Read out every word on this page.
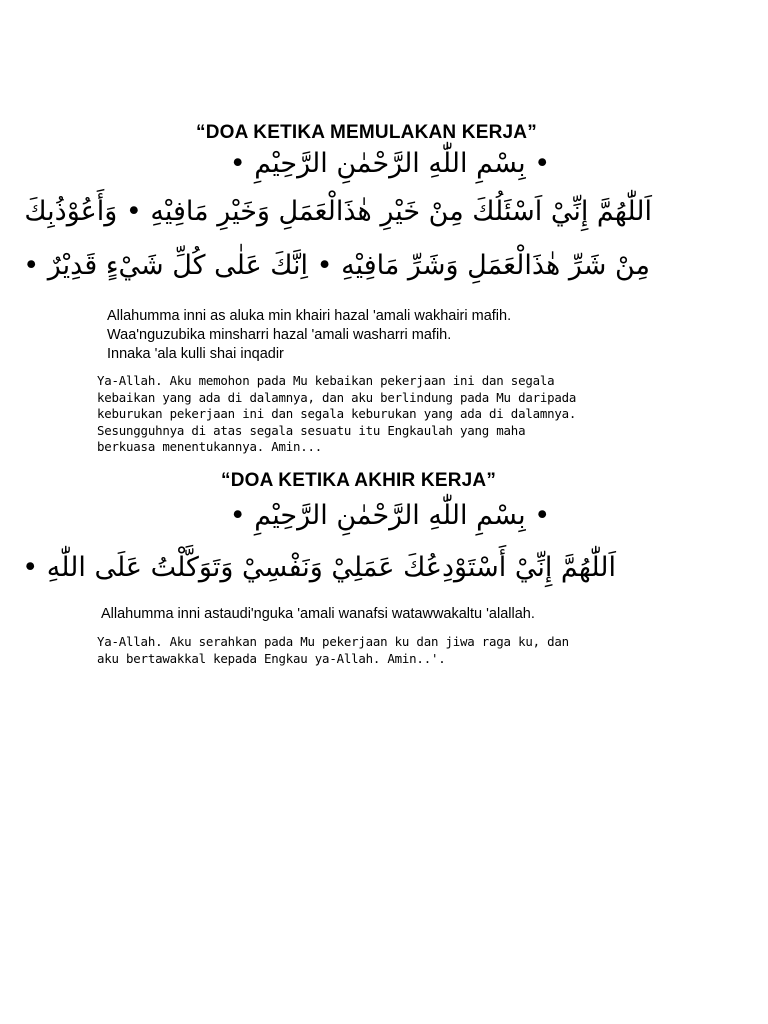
“DOA KETIKA MEMULAKAN KERJA”
• بِسْمِ اللّٰهِ الرَّحْمٰنِ الرَّحِيْمِ •
اَللّٰهُمَّ إِنِّيْ اَسْئَلُكَ مِنْ خَيْرِ هٰذَالْعَمَلِ وَخَيْرِ مَافِيْهِ • وَأَعُوْذُبِكَ
مِنْ شَرِّ هٰذَالْعَمَلِ وَشَرِّ مَافِيْهِ • اِنَّكَ عَلٰى كُلِّ شَيْءٍ قَدِيْرٌ •
Allahumma inni as aluka min khairi hazal 'amali wakhairi mafih.
Waa'nguzubika minsharri hazal 'amali washarri mafih.
Innaka 'ala kulli shai inqadir
Ya-Allah. Aku memohon pada Mu kebaikan pekerjaan ini dan segala
kebaikan yang ada di dalamnya, dan aku berlindung pada Mu daripada
keburukan pekerjaan ini dan segala keburukan yang ada di dalamnya.
Sesungguhnya di atas segala sesuatu itu Engkaulah yang maha
berkuasa menentukannya. Amin...
“DOA KETIKA AKHIR KERJA”
• بِسْمِ اللّٰهِ الرَّحْمٰنِ الرَّحِيْمِ •
اَللّٰهُمَّ إِنِّيْ أَسْتَوْدِعُكَ عَمَلِيْ وَنَفْسِيْ وَتَوَكَّلْتُ عَلَى اللّٰهِ •
Allahumma inni astaudi'nguka 'amali wanafsi watawwakaltu 'alallah.
Ya-Allah. Aku serahkan pada Mu pekerjaan ku dan jiwa raga ku, dan
aku bertawakkal kepada Engkau ya-Allah. Amin..'.
